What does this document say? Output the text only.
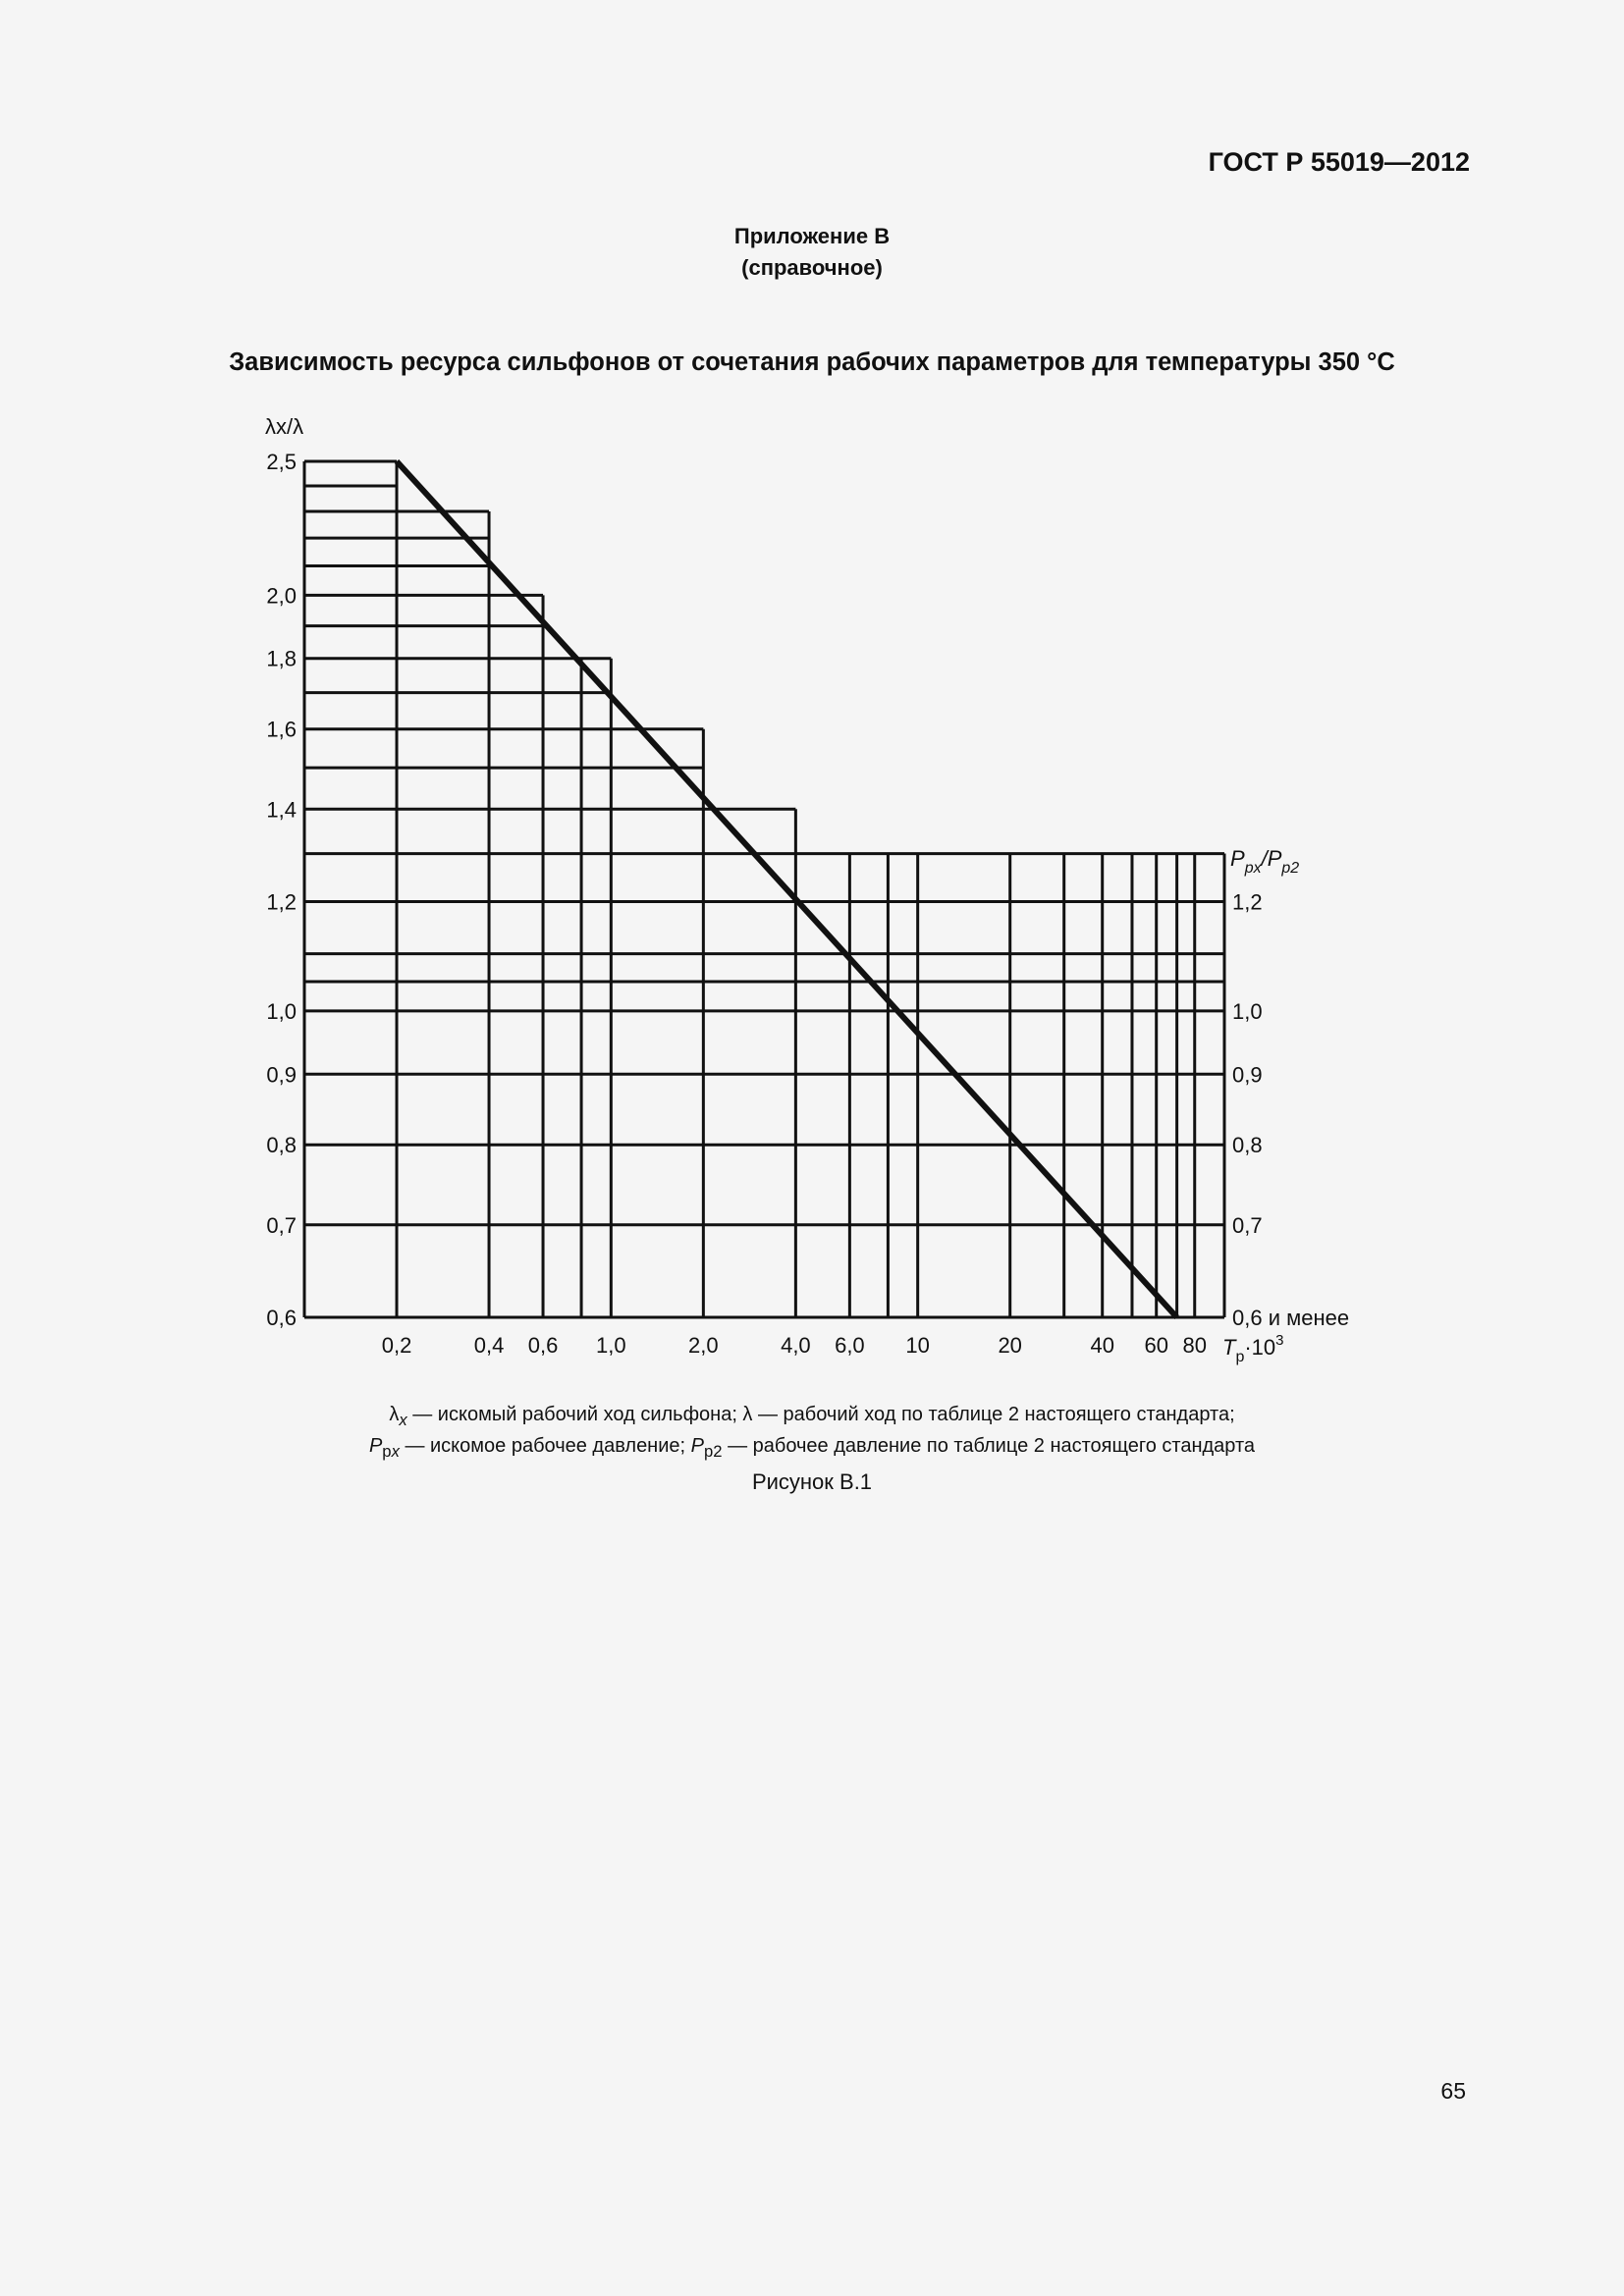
ГОСТ Р 55019—2012
Приложение В
(справочное)
Зависимость ресурса сильфонов от сочетания рабочих параметров для температуры 350 °С
2,5
2,0
1,8
1,6
1,4
1,2
1,0
0,9
0,8
0,7
0,6
1,2
1,0
0,9
0,8
0,7
0,6 и менее
0,2	0,4 0,6 1,0	2,0	4,0 6,0 10	20	40 60 80
λx/λ
$P_{px}/P_{p2}$
$T_p\cdot 10^3$
$\lambda_x$ — искомый рабочий ход сильфона; λ — рабочий ход по таблице 2 настоящего стандарта;
$P_{px}$ — искомое рабочее давление; $P_{p2}$ — рабочее давление по таблице 2 настоящего стандарта
Рисунок В.1
65
